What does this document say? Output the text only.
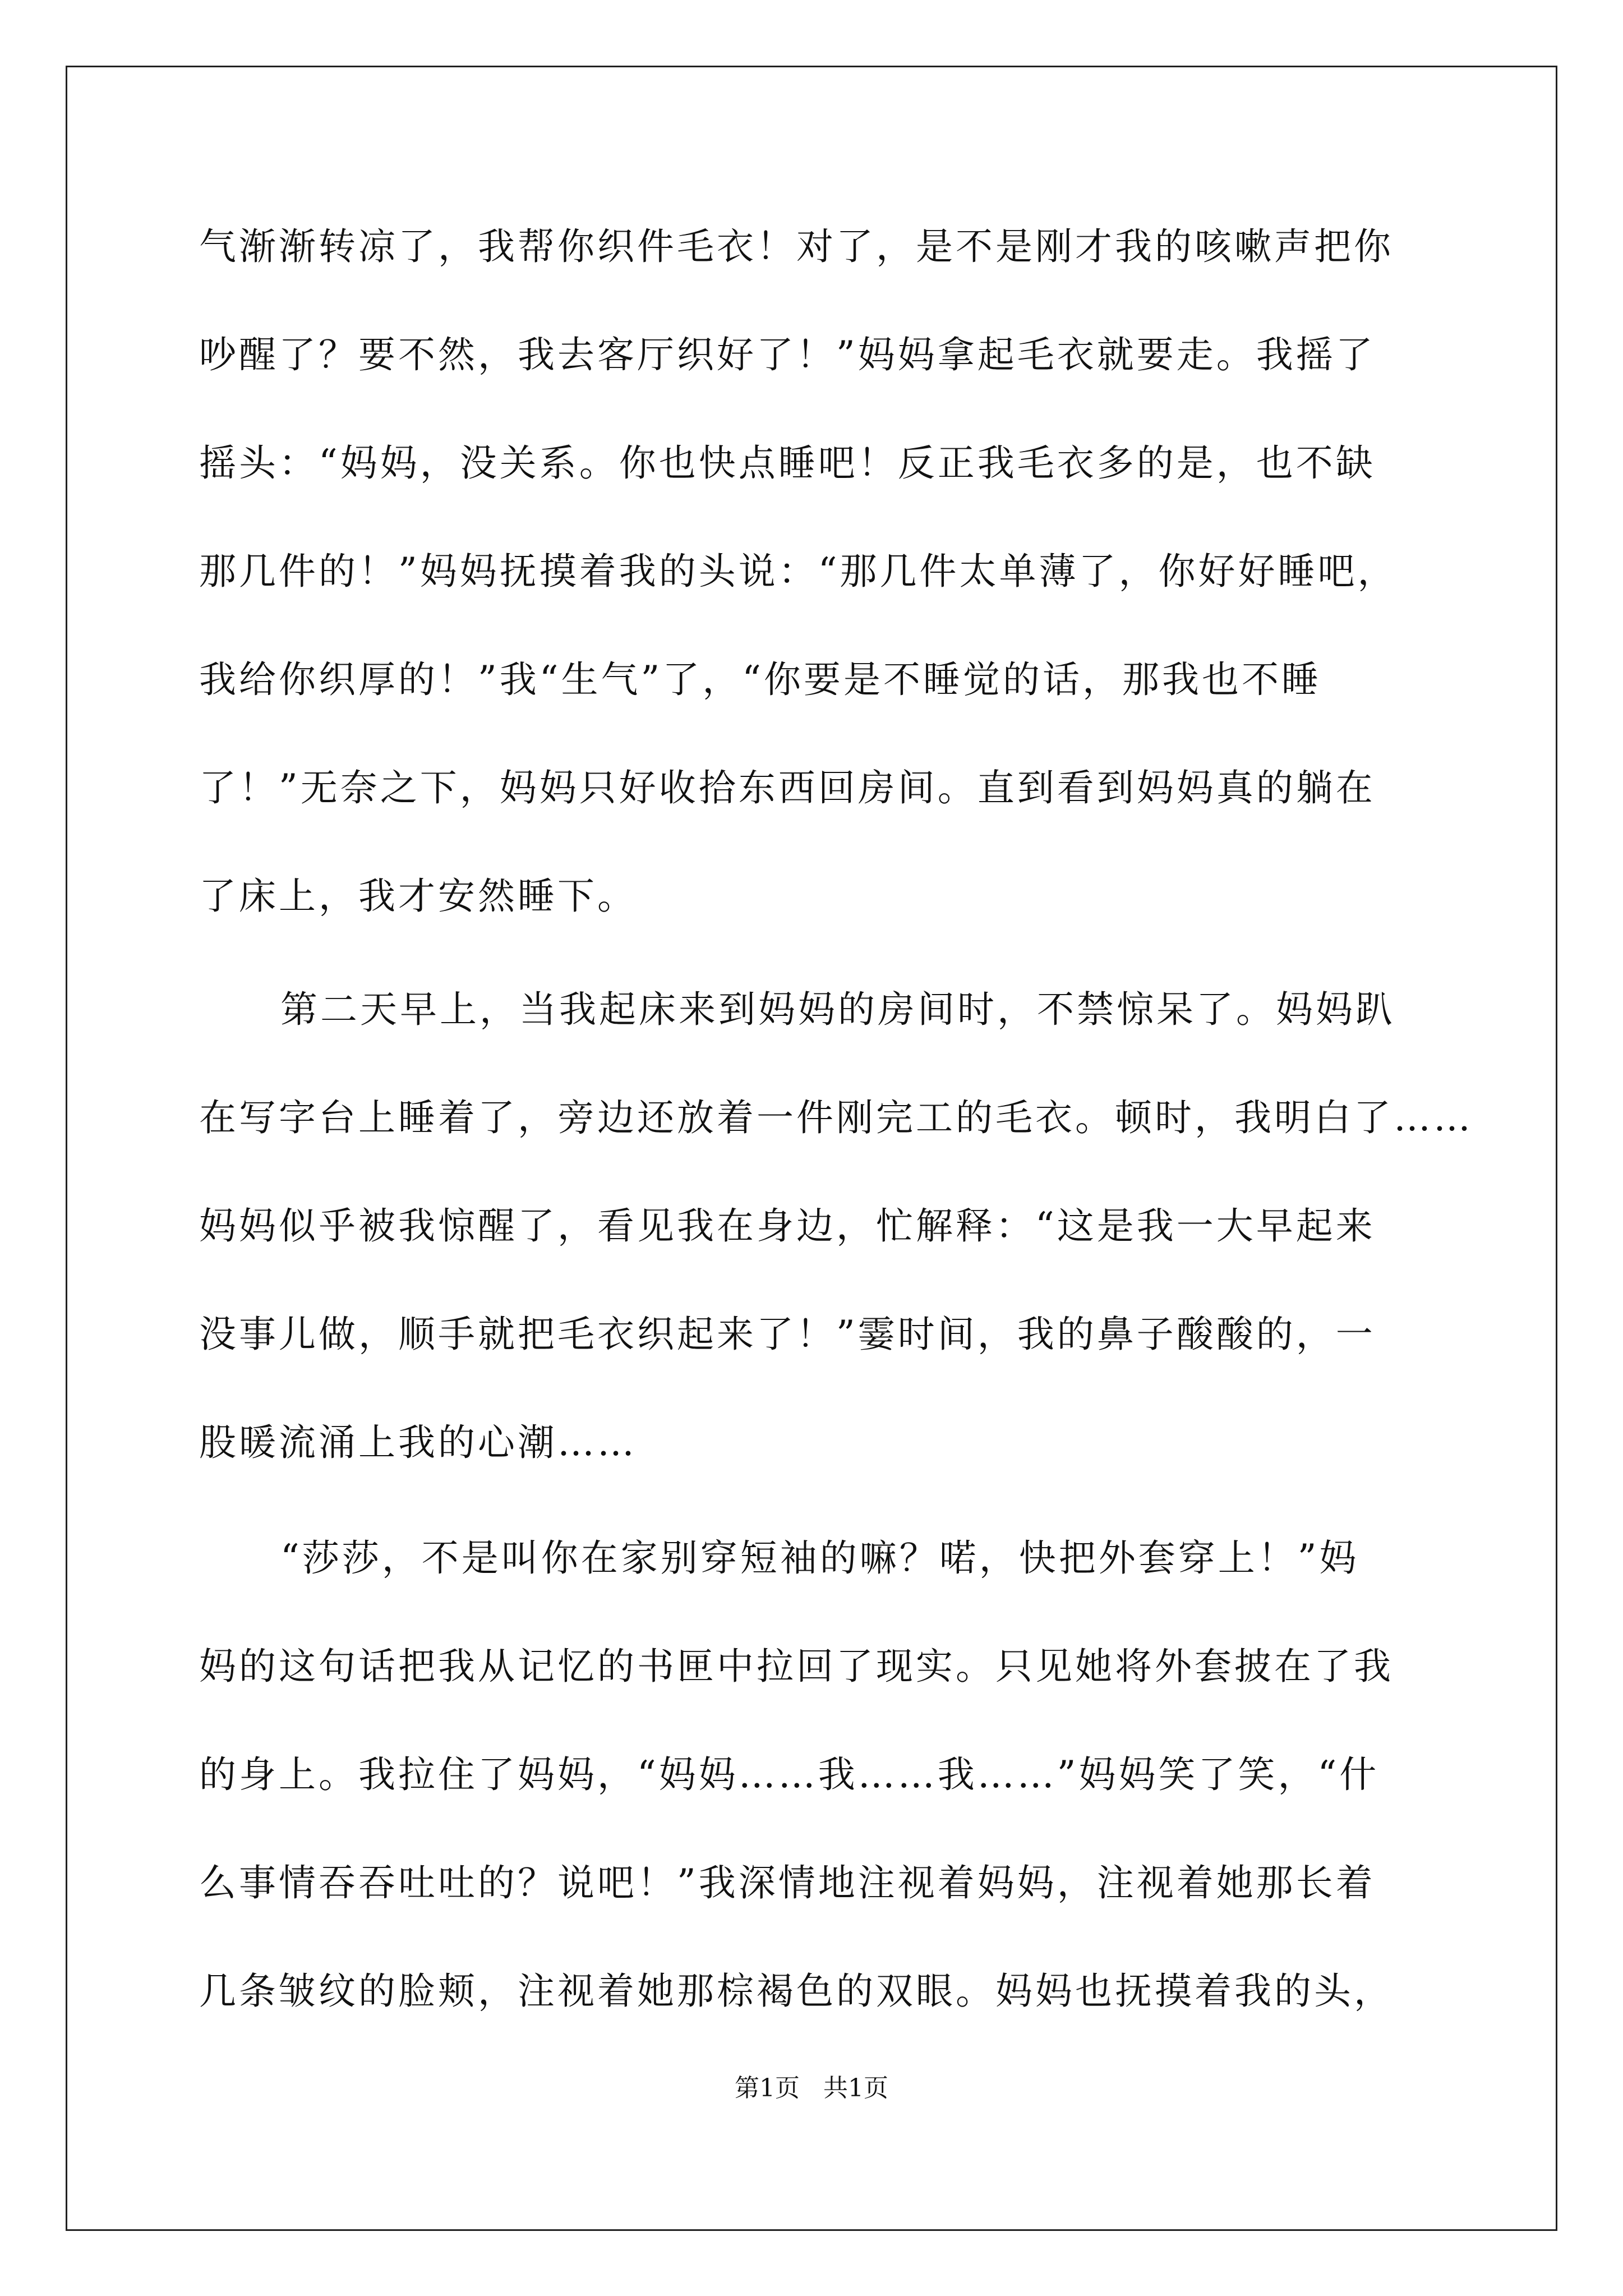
气渐渐转凉了，我帮你织件毛衣！对了，是不是刚才我的咳嗽声把你
吵醒了？要不然，我去客厅织好了！”妈妈拿起毛衣就要走。我摇了
摇头：“妈妈，没关系。你也快点睡吧！反正我毛衣多的是，也不缺
那几件的！”妈妈抚摸着我的头说：“那几件太单薄了，你好好睡吧，
我给你织厚的！”我“生气”了，“你要是不睡觉的话，那我也不睡
了！”无奈之下，妈妈只好收拾东西回房间。直到看到妈妈真的躺在
了床上，我才安然睡下。
第二天早上，当我起床来到妈妈的房间时，不禁惊呆了。妈妈趴
在写字台上睡着了，旁边还放着一件刚完工的毛衣。顿时，我明白了……
妈妈似乎被我惊醒了，看见我在身边，忙解释：“这是我一大早起来
没事儿做，顺手就把毛衣织起来了！”霎时间，我的鼻子酸酸的，一
股暖流涌上我的心潮……
“莎莎，不是叫你在家别穿短袖的嘛？喏，快把外套穿上！”妈
妈的这句话把我从记忆的书匣中拉回了现实。只见她将外套披在了我
的身上。我拉住了妈妈，“妈妈……我……我……”妈妈笑了笑，“什
么事情吞吞吐吐的？说吧！”我深情地注视着妈妈，注视着她那长着
几条皱纹的脸颊，注视着她那棕褐色的双眼。妈妈也抚摸着我的头，
第1页   共1页
